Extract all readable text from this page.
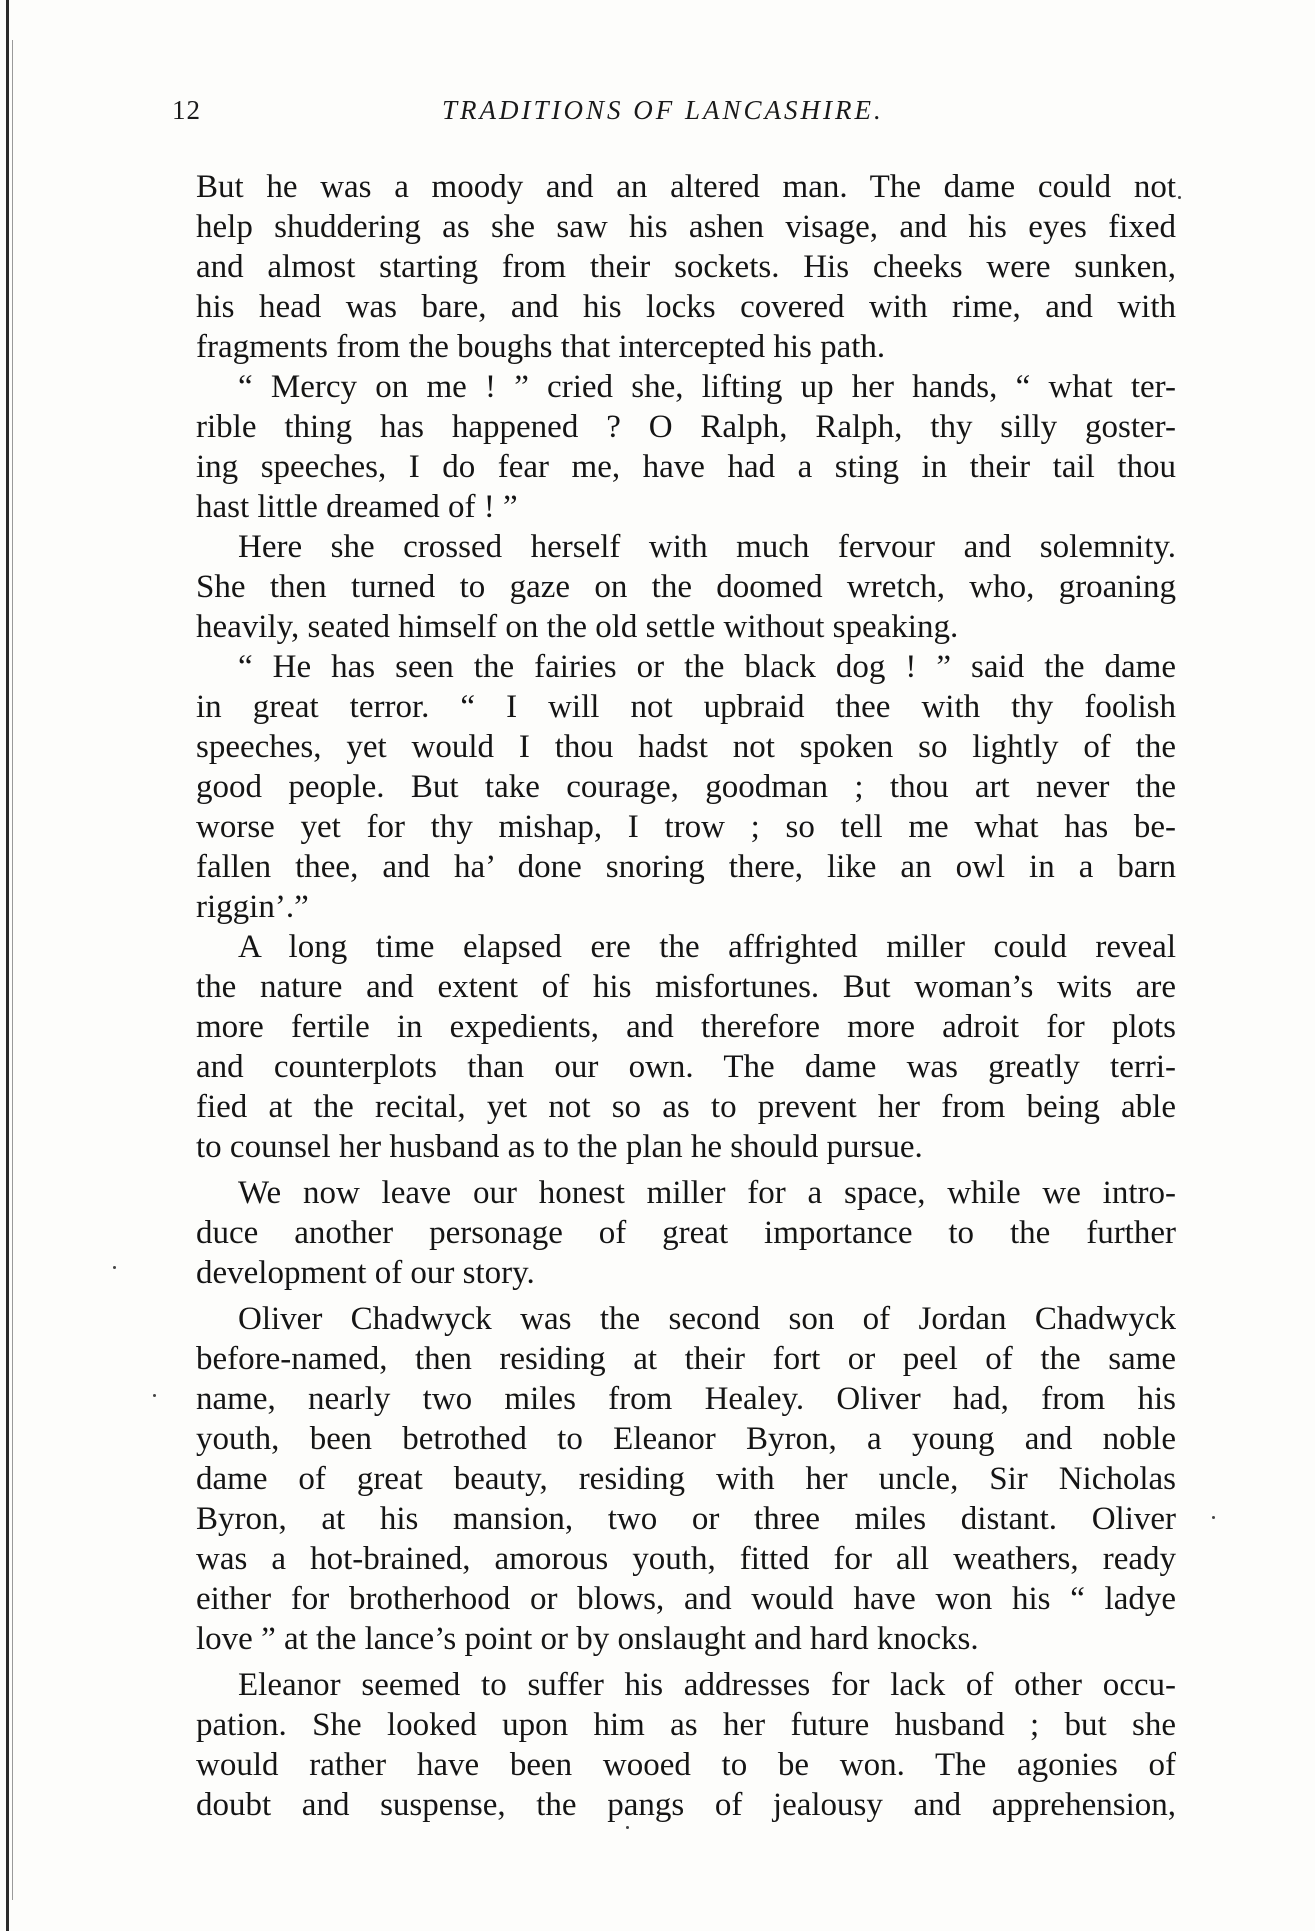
12	TRADITIONS OF LANCASHIRE.
But he was a moody and an altered man. The dame could not
help shuddering as she saw his ashen visage, and his eyes fixed
and almost starting from their sockets. His cheeks were sunken,
his head was bare, and his locks covered with rime, and with
fragments from the boughs that intercepted his path.
“ Mercy on me ! ” cried she, lifting up her hands, “ what ter-
rible thing has happened ? O Ralph, Ralph, thy silly goster-
ing speeches, I do fear me, have had a sting in their tail thou
hast little dreamed of ! ”
Here she crossed herself with much fervour and solemnity.
She then turned to gaze on the doomed wretch, who, groaning
heavily, seated himself on the old settle without speaking.
“ He has seen the fairies or the black dog ! ” said the dame
in great terror. “ I will not upbraid thee with thy foolish
speeches, yet would I thou hadst not spoken so lightly of the
good people. But take courage, goodman ; thou art never the
worse yet for thy mishap, I trow ; so tell me what has be-
fallen thee, and ha’ done snoring there, like an owl in a barn
riggin’.”
A long time elapsed ere the affrighted miller could reveal
the nature and extent of his misfortunes. But woman’s wits are
more fertile in expedients, and therefore more adroit for plots
and counterplots than our own. The dame was greatly terri-
fied at the recital, yet not so as to prevent her from being able
to counsel her husband as to the plan he should pursue.
We now leave our honest miller for a space, while we intro-
duce another personage of great importance to the further
development of our story.
Oliver Chadwyck was the second son of Jordan Chadwyck
before-named, then residing at their fort or peel of the same
name, nearly two miles from Healey. Oliver had, from his
youth, been betrothed to Eleanor Byron, a young and noble
dame of great beauty, residing with her uncle, Sir Nicholas
Byron, at his mansion, two or three miles distant. Oliver
was a hot-brained, amorous youth, fitted for all weathers, ready
either for brotherhood or blows, and would have won his “ ladye
love ” at the lance’s point or by onslaught and hard knocks.
Eleanor seemed to suffer his addresses for lack of other occu-
pation. She looked upon him as her future husband ; but she
would rather have been wooed to be won. The agonies of
doubt and suspense, the pangs of jealousy and apprehension,
